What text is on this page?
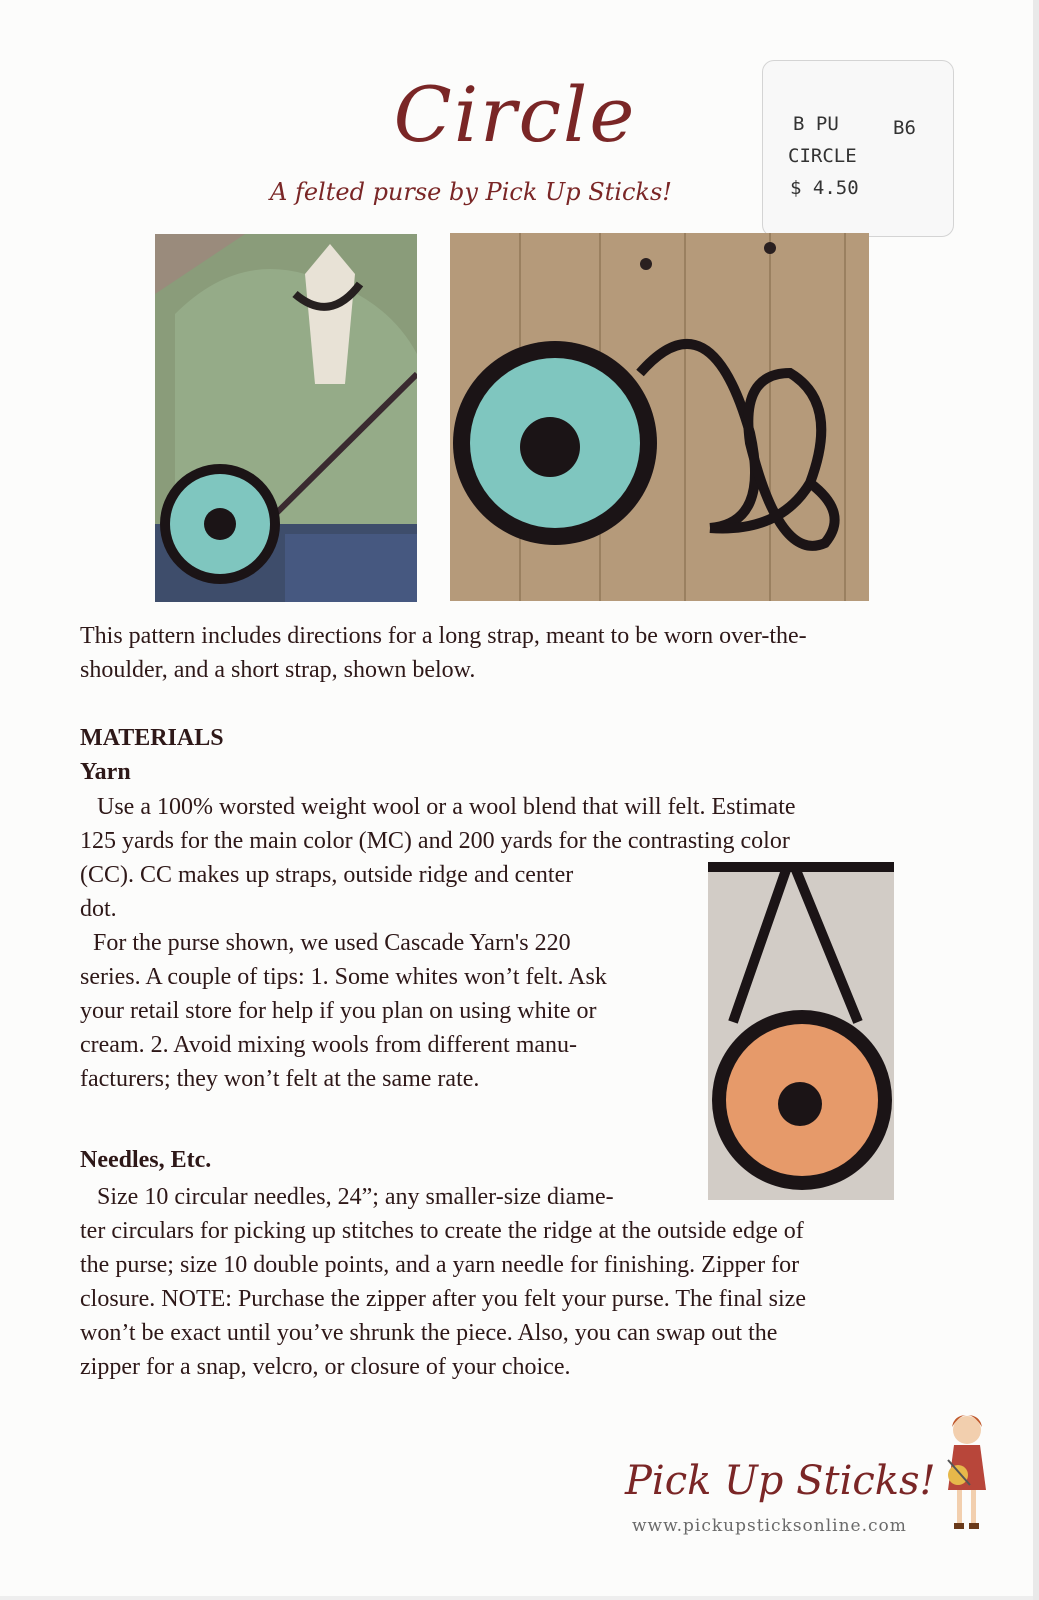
Circle
A felted purse by Pick Up Sticks!
B PU	B6
CIRCLE
$ 4.50
This pattern includes directions for a long strap, meant to be worn over-the-
shoulder, and a short strap, shown below.
MATERIALS
Yarn
Use a 100% worsted weight wool or a wool blend that will felt. Estimate
125 yards for the main color (MC) and 200 yards for the contrasting color
(CC). CC makes up straps, outside ridge and center
dot.
For the purse shown, we used Cascade Yarn's 220
series. A couple of tips: 1. Some whites won’t felt. Ask
your retail store for help if you plan on using white or
cream. 2. Avoid mixing wools from different manu-
facturers; they won’t felt at the same rate.
Needles, Etc.
Size 10 circular needles, 24”; any smaller-size diame-
ter circulars for picking up stitches to create the ridge at the outside edge of
the purse; size 10 double points, and a yarn needle for finishing. Zipper for
closure. NOTE: Purchase the zipper after you felt your purse. The final size
won’t be exact until you’ve shrunk the piece. Also, you can swap out the
zipper for a snap, velcro, or closure of your choice.
Pick Up Sticks!
www.pickupsticksonline.com
